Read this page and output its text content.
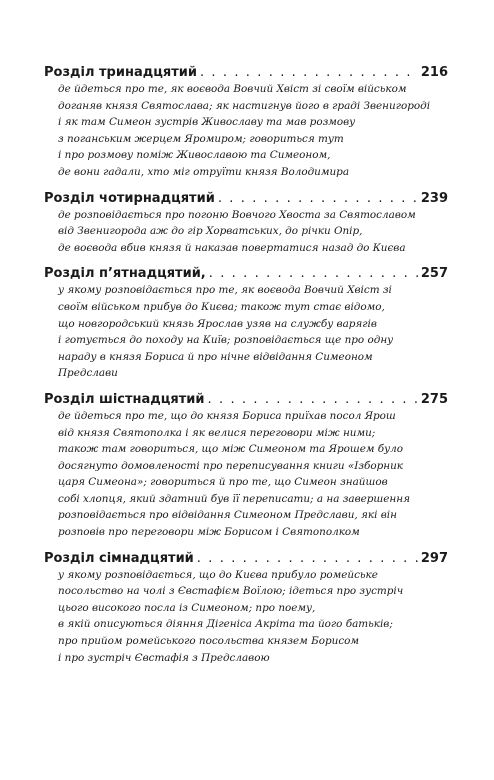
Розділ тринадцятий . . .	216
де йдеться про те, як воєвода Вовчий Хвіст зі своїм військом
доганяв князя Святослава; як настигнув його в граді Звенигороді
і як там Симеон зустрів Живославу та мав розмову
з поганським жерцем Яромиром; говориться тут
і про розмову поміж Живославою та Симеоном,
де вони гадали, хто міг отруїти князя Володимира
Розділ чотирнадцятий . . .	239
де розповідається про погоню Вовчого Хвоста за Святославом
від Звенигорода аж до гір Хорватських, до річки Опір,
де воєвода вбив князя й наказав повертатися назад до Києва
Розділ п’ятнадцятий, . . .	257
у якому розповідається про те, як воєвода Вовчий Хвіст зі
своїм військом прибув до Києва; також тут стає відомо,
що новгородський князь Ярослав узяв на службу варягів
і готується до походу на Київ; розповідається ще про одну
нараду в князя Бориса й про нічне відвідання Симеоном
Предслави
Розділ шістнадцятий . . .	275
де йдеться про те, що до князя Бориса приїхав посол Ярош
від князя Святополка і як велися переговори між ними;
також там говориться, що між Симеоном та Ярошем було
досягнуто домовленості про переписування книги «Ізборник
царя Симеона»; говориться й про те, що Симеон знайшов
собі хлопця, який здатний був її переписати; а на завершення
розповідається про відвідання Симеоном Предслави, які він
розповів про переговори між Борисом і Святополком
Розділ сімнадцятий . . .	297
у якому розповідається, що до Києва прибуло ромейське
посольство на чолі з Євстафієм Воїлою; ідеться про зустріч
цього високого посла із Симеоном; про поему,
в якій описуються діяння Дігеніса Акріта та його батьків;
про прийом ромейського посольства князем Борисом
і про зустріч Євстафія з Предславою
